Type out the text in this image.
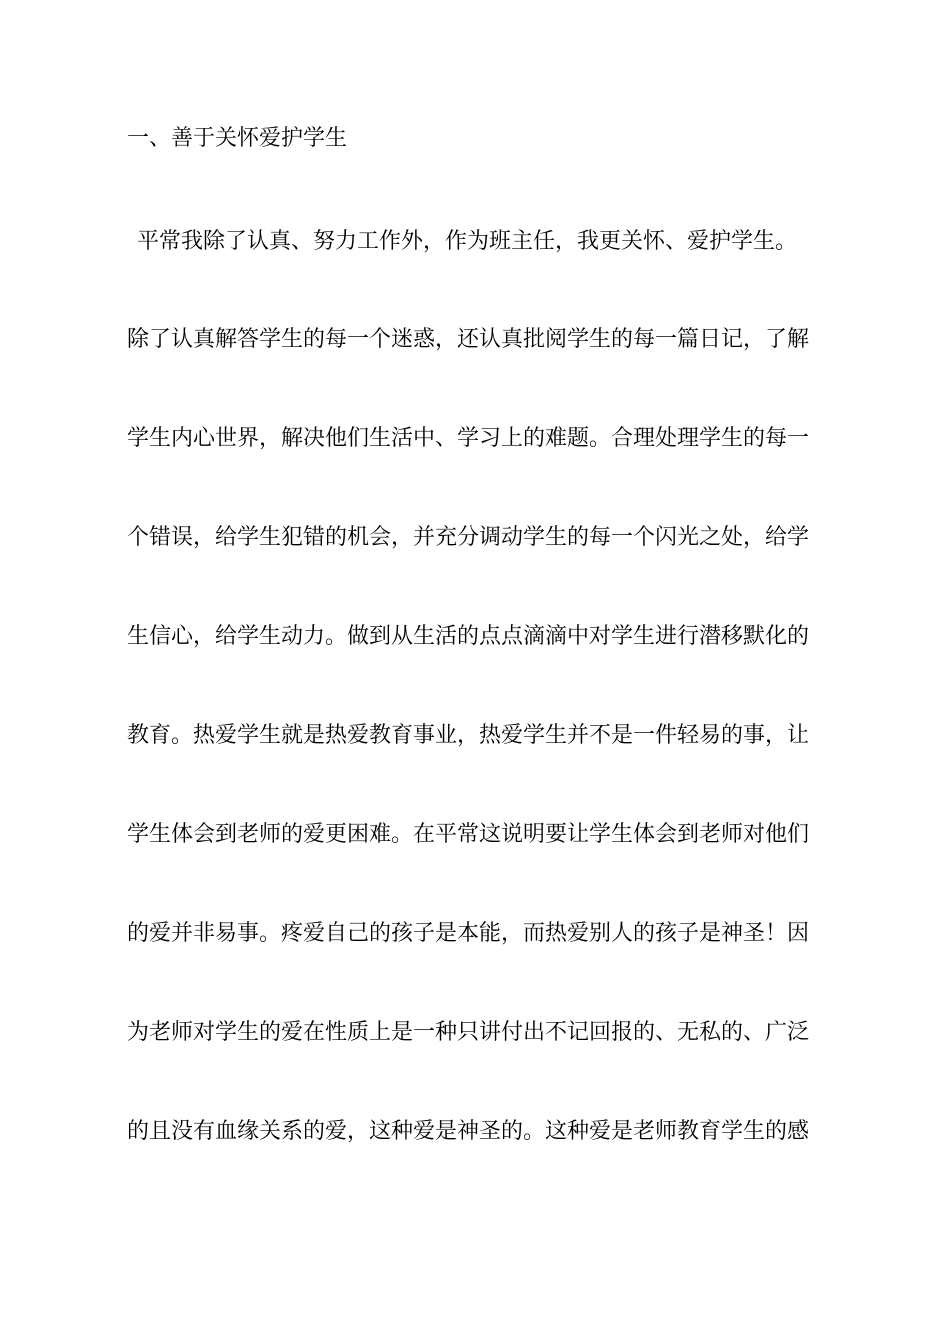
一、善于关怀爱护学生
平常我除了认真、努力工作外，作为班主任，我更关怀、爱护学生。
除了认真解答学生的每一个迷惑，还认真批阅学生的每一篇日记，了解
学生内心世界，解决他们生活中、学习上的难题。合理处理学生的每一
个错误，给学生犯错的机会，并充分调动学生的每一个闪光之处，给学
生信心，给学生动力。做到从生活的点点滴滴中对学生进行潜移默化的
教育。热爱学生就是热爱教育事业，热爱学生并不是一件轻易的事，让
学生体会到老师的爱更困难。在平常这说明要让学生体会到老师对他们
的爱并非易事。疼爱自己的孩子是本能，而热爱别人的孩子是神圣！因
为老师对学生的爱在性质上是一种只讲付出不记回报的、无私的、广泛
的且没有血缘关系的爱，这种爱是神圣的。这种爱是老师教育学生的感
